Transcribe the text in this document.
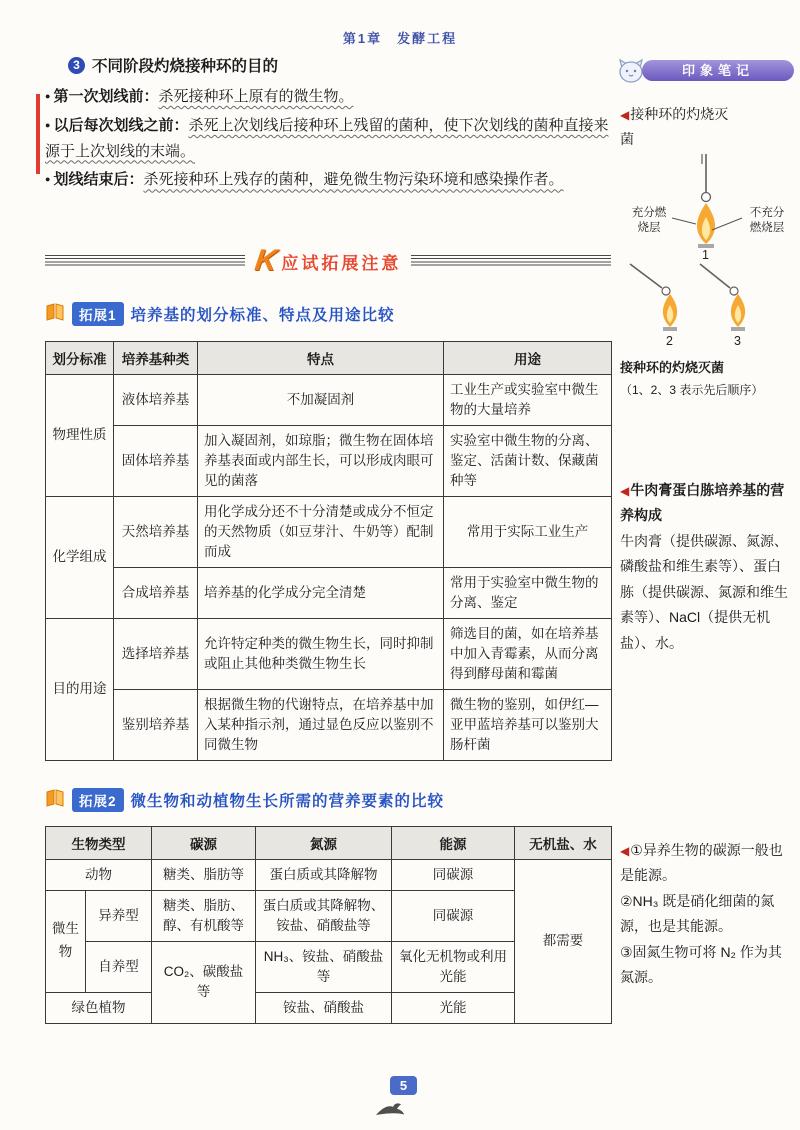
第1章　发酵工程
3 不同阶段灼烧接种环的目的

● 第一次划线前：杀死接种环上原有的微生物。

● 以后每次划线之前：杀死上次划线后接种环上残留的菌种，使下次划线的菌种直接来源于上次划线的末端。

● 划线结束后：杀死接种环上残存的菌种，避免微生物污染环境和感染操作者。

K 应试拓展注意
拓展1 培养基的划分标准、特点及用途比较
划分标准	培养基种类	特点	用途
物理性质	液体培养基	不加凝固剂	工业生产或实验室中微生物的大量培养
	固体培养基	加入凝固剂，如琼脂；微生物在固体培养基表面或内部生长，可以形成肉眼可见的菌落	实验室中微生物的分离、鉴定、活菌计数、保藏菌种等
化学组成	天然培养基	用化学成分还不十分清楚或成分不恒定的天然物质（如豆芽汁、牛奶等）配制而成	常用于实际工业生产
	合成培养基	培养基的化学成分完全清楚	常用于实验室中微生物的分离、鉴定
目的用途	选择培养基	允许特定种类的微生物生长，同时抑制或阻止其他种类微生物生长	筛选目的菌，如在培养基中加入青霉素，从而分离得到酵母菌和霉菌
	鉴别培养基	根据微生物的代谢特点，在培养基中加入某种指示剂，通过显色反应以鉴别不同微生物	微生物的鉴别，如伊红—亚甲蓝培养基可以鉴别大肠杆菌
拓展2 微生物和动植物生长所需的营养要素的比较
生物类型		碳源	氮源	能源	无机盐、水
动物		糖类、脂肪等	蛋白质或其降解物	同碳源	都需要
微生物	异养型	糖类、脂肪、醇、有机酸等	蛋白质或其降解物、铵盐、硝酸盐等	同碳源	
	自养型	CO₂、碳酸盐等	NH₃、铵盐、硝酸盐等	氧化无机物或利用光能	
绿色植物			铵盐、硝酸盐	光能	
印象笔记
◀接种环的灼烧灭菌
充分燃烧层
不充分燃烧层
1
2	3
接种环的灼烧灭菌
（1、2、3 表示先后顺序）

◀牛肉膏蛋白胨培养基的营养构成

牛肉膏（提供碳源、氮源、磷酸盐和维生素等）、蛋白胨（提供碳源、氮源和维生素等）、NaCl（提供无机盐）、水。

◀①异养生物的碳源一般也是能源。

②NH₃ 既是硝化细菌的氮源，也是其能源。

③固氮生物可将 N₂ 作为其氮源。

5
